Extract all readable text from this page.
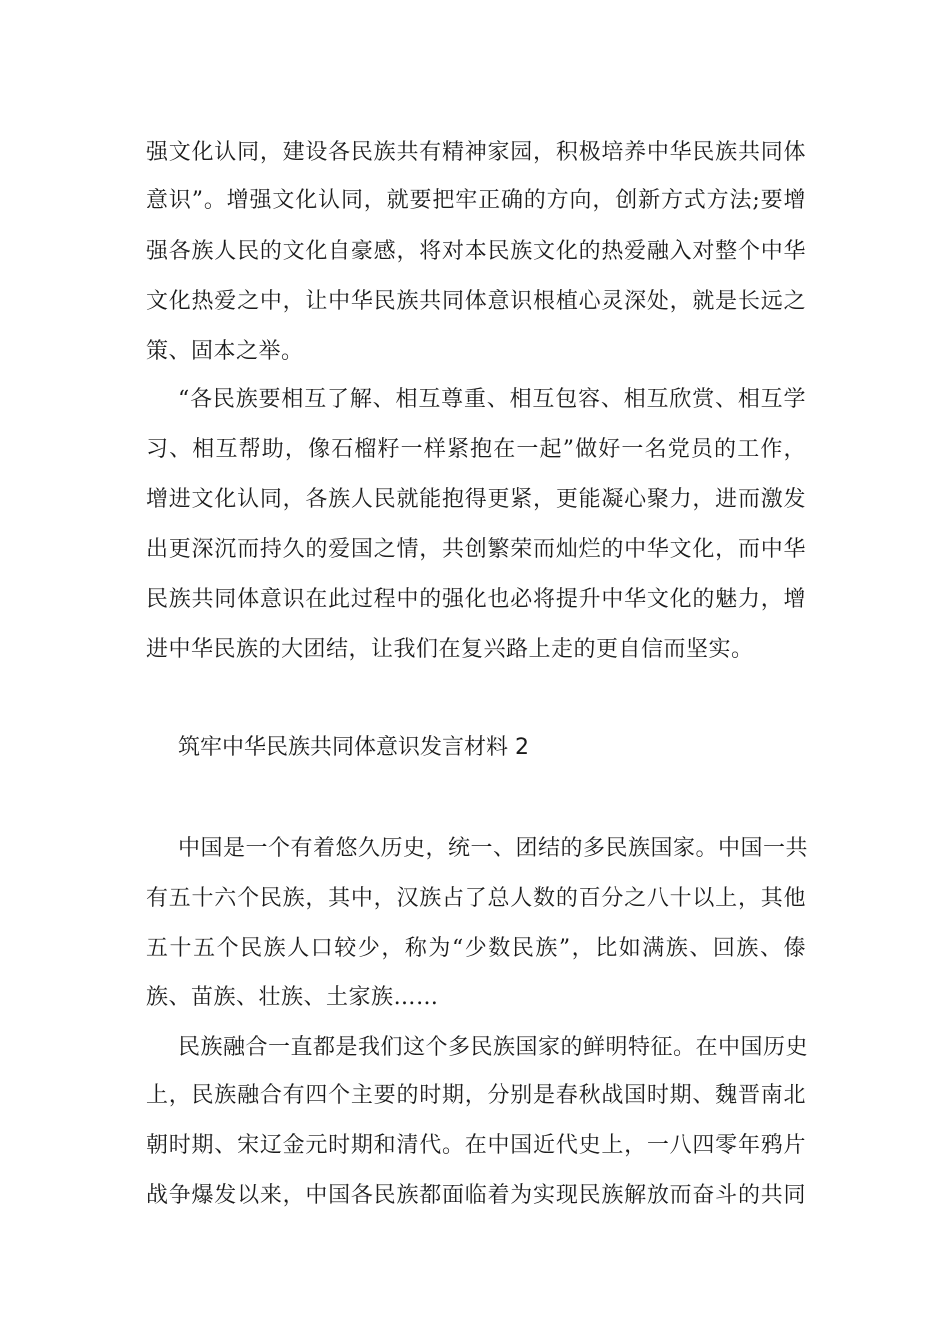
强文化认同，建设各民族共有精神家园，积极培养中华民族共同体
意识”。增强文化认同，就要把牢正确的方向，创新方式方法;要增
强各族人民的文化自豪感，将对本民族文化的热爱融入对整个中华
文化热爱之中，让中华民族共同体意识根植心灵深处，就是长远之
策、固本之举。
“各民族要相互了解、相互尊重、相互包容、相互欣赏、相互学
习、相互帮助，像石榴籽一样紧抱在一起”做好一名党员的工作，
增进文化认同，各族人民就能抱得更紧，更能凝心聚力，进而激发
出更深沉而持久的爱国之情，共创繁荣而灿烂的中华文化，而中华
民族共同体意识在此过程中的强化也必将提升中华文化的魅力，增
进中华民族的大团结，让我们在复兴路上走的更自信而坚实。
筑牢中华民族共同体意识发言材料 2
中国是一个有着悠久历史，统一、团结的多民族国家。中国一共
有五十六个民族，其中，汉族占了总人数的百分之八十以上，其他
五十五个民族人口较少，称为“少数民族”，比如满族、回族、傣
族、苗族、壮族、土家族……
民族融合一直都是我们这个多民族国家的鲜明特征。在中国历史
上，民族融合有四个主要的时期，分别是春秋战国时期、魏晋南北
朝时期、宋辽金元时期和清代。在中国近代史上，一八四零年鸦片
战争爆发以来，中国各民族都面临着为实现民族解放而奋斗的共同
